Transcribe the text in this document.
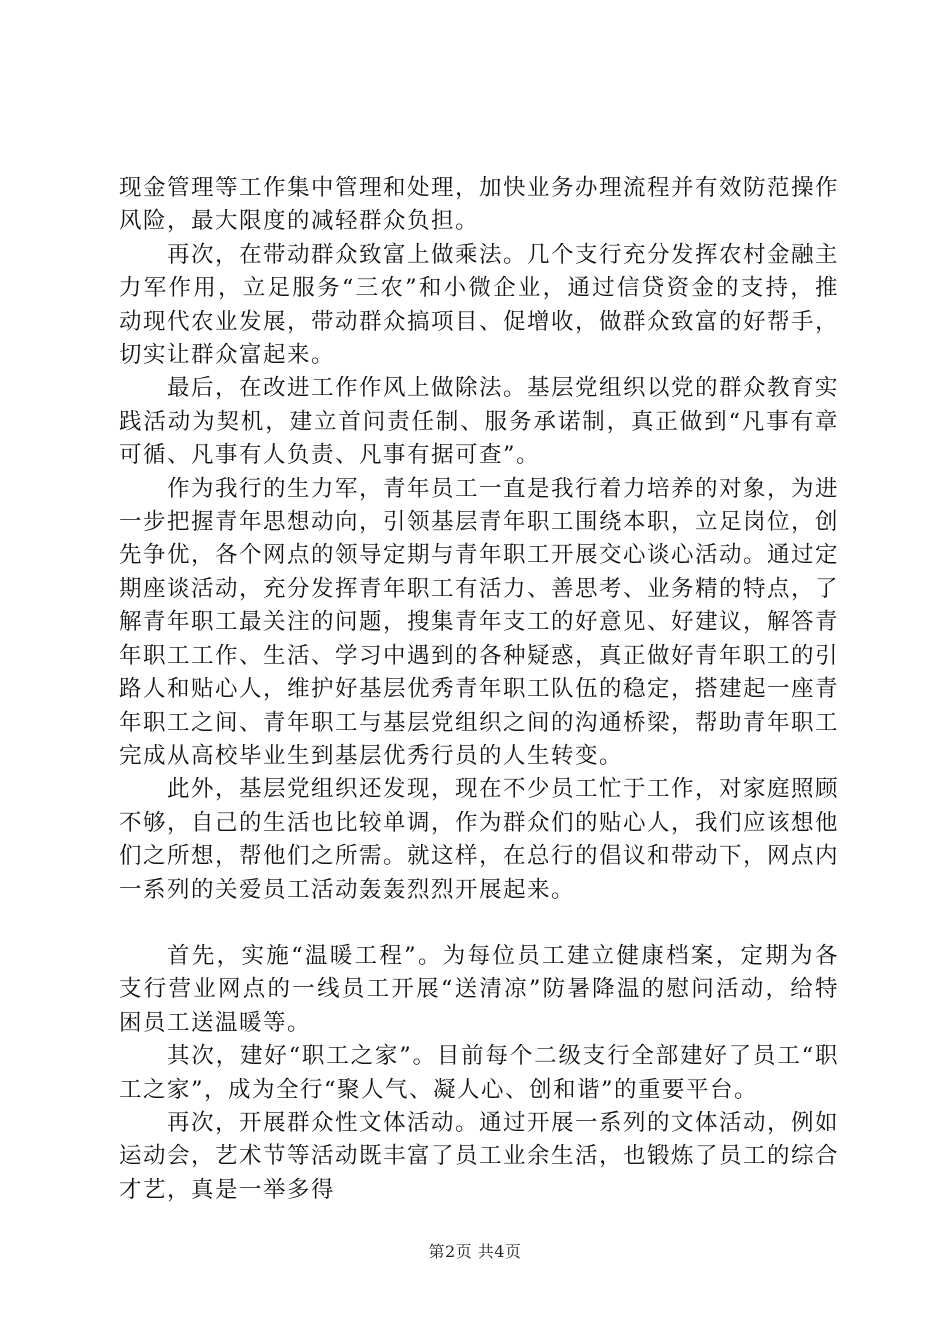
现金管理等工作集中管理和处理，加快业务办理流程并有效防范操作风险，最大限度的减轻群众负担。

再次，在带动群众致富上做乘法。几个支行充分发挥农村金融主力军作用，立足服务“三农”和小微企业，通过信贷资金的支持，推动现代农业发展，带动群众搞项目、促增收，做群众致富的好帮手，切实让群众富起来。

最后，在改进工作作风上做除法。基层党组织以党的群众教育实践活动为契机，建立首问责任制、服务承诺制，真正做到“凡事有章可循、凡事有人负责、凡事有据可查”。

作为我行的生力军，青年员工一直是我行着力培养的对象，为进一步把握青年思想动向，引领基层青年职工围绕本职，立足岗位，创先争优，各个网点的领导定期与青年职工开展交心谈心活动。通过定期座谈活动，充分发挥青年职工有活力、善思考、业务精的特点，了解青年职工最关注的问题，搜集青年支工的好意见、好建议，解答青年职工工作、生活、学习中遇到的各种疑惑，真正做好青年职工的引路人和贴心人，维护好基层优秀青年职工队伍的稳定，搭建起一座青年职工之间、青年职工与基层党组织之间的沟通桥梁，帮助青年职工完成从高校毕业生到基层优秀行员的人生转变。

此外，基层党组织还发现，现在不少员工忙于工作，对家庭照顾不够，自己的生活也比较单调，作为群众们的贴心人，我们应该想他们之所想，帮他们之所需。就这样，在总行的倡议和带动下，网点内一系列的关爱员工活动轰轰烈烈开展起来。

首先，实施“温暖工程”。为每位员工建立健康档案，定期为各支行营业网点的一线员工开展“送清凉”防暑降温的慰问活动，给特困员工送温暖等。

其次，建好“职工之家”。目前每个二级支行全部建好了员工“职工之家”，成为全行“聚人气、凝人心、创和谐”的重要平台。

再次，开展群众性文体活动。通过开展一系列的文体活动，例如运动会，艺术节等活动既丰富了员工业余生活，也锻炼了员工的综合才艺，真是一举多得

第2页 共4页
